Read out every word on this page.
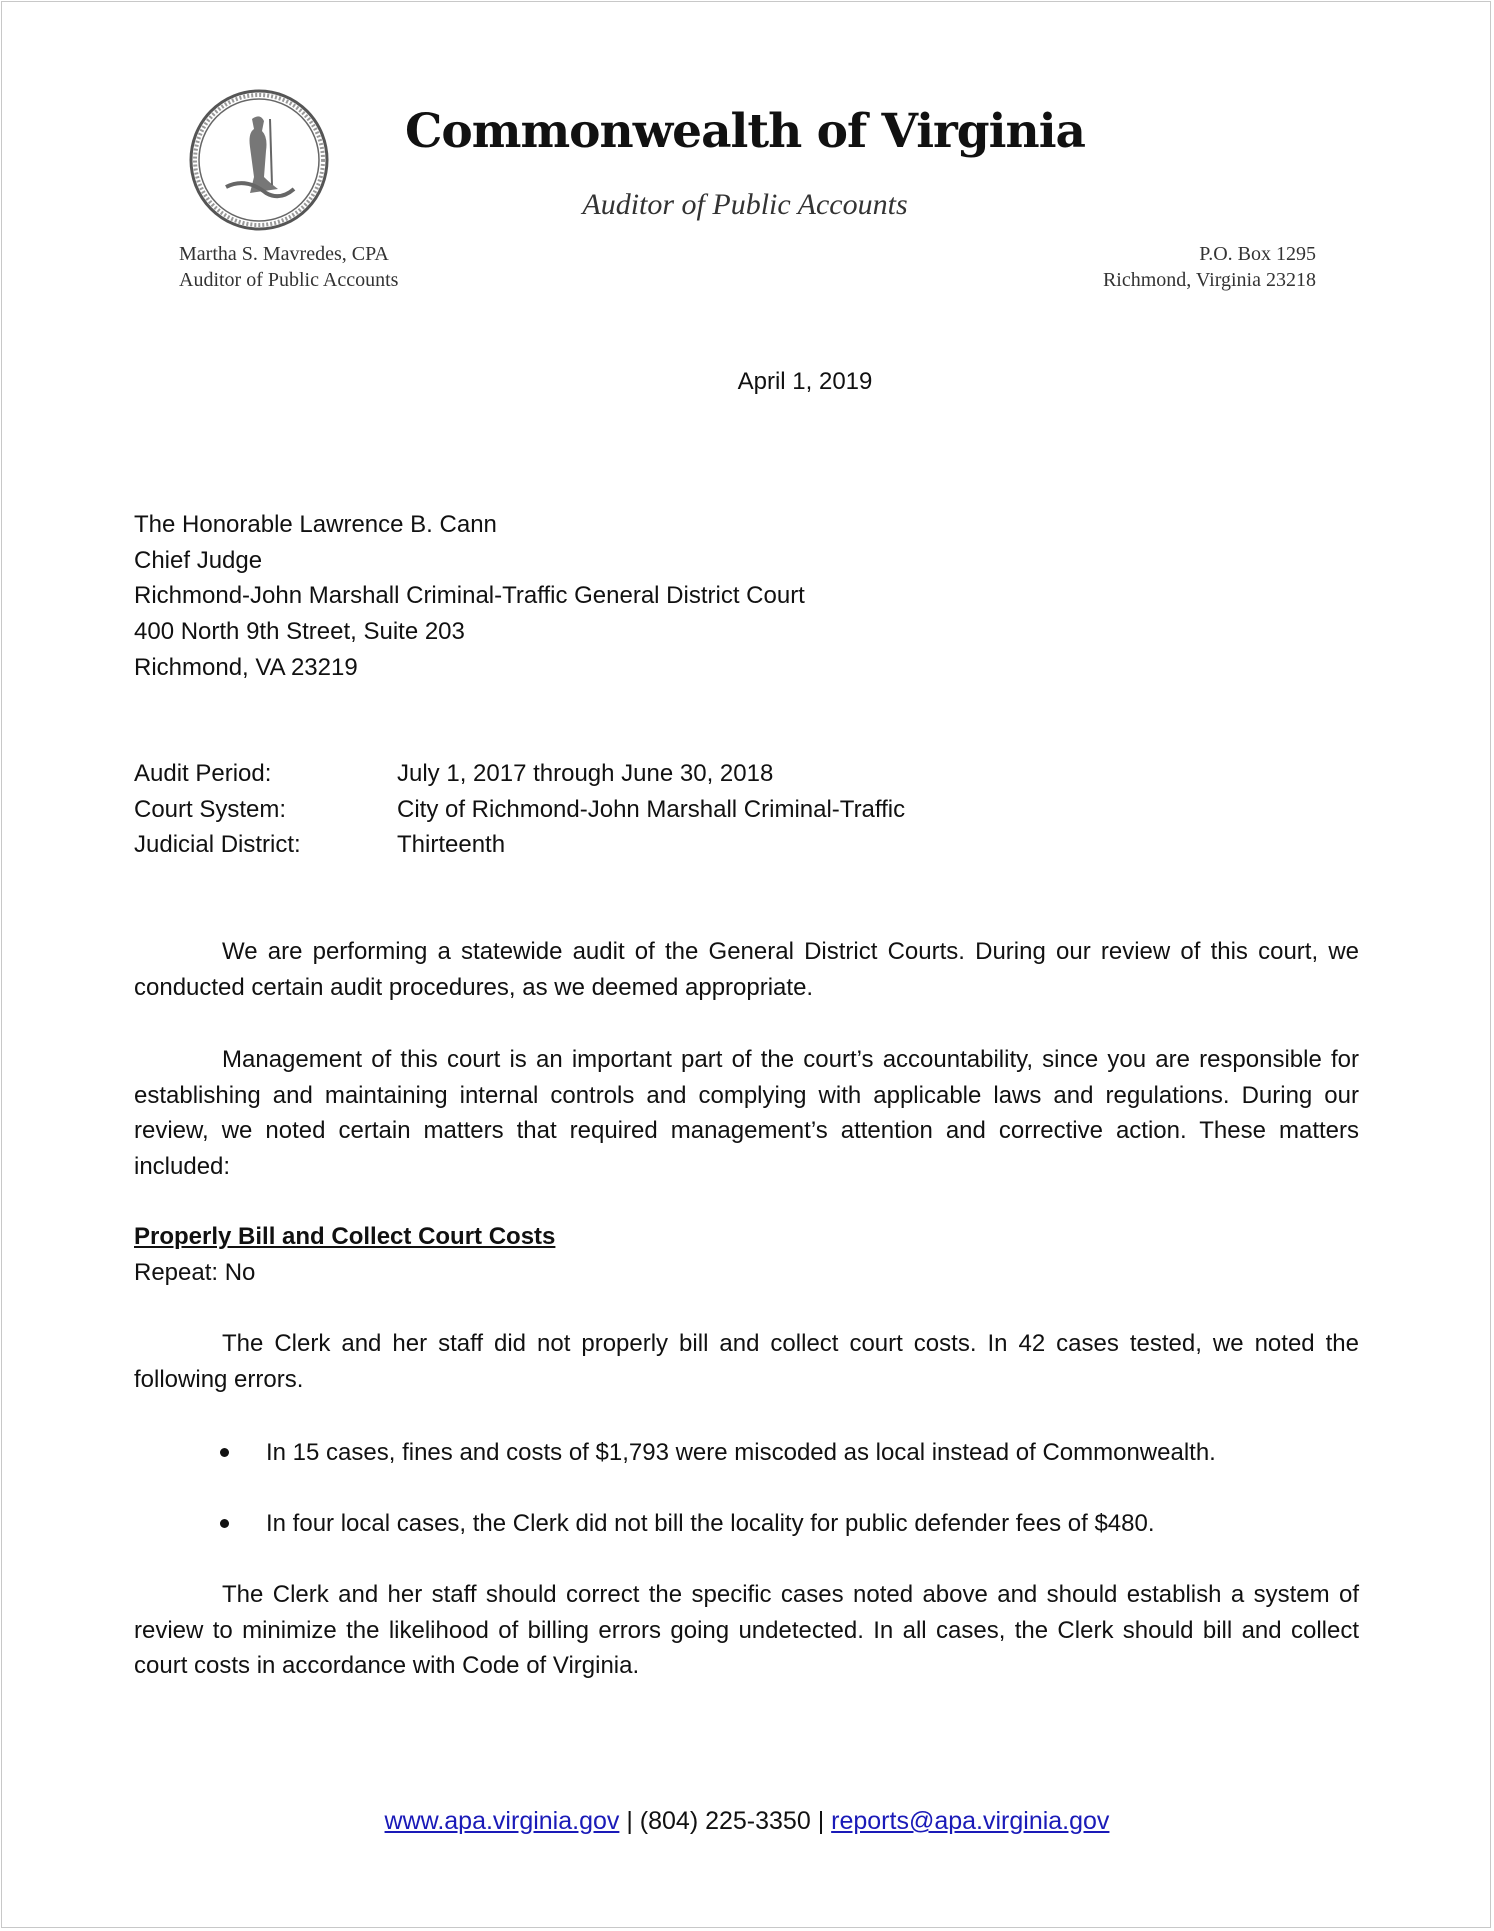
Commonwealth of Virginia
Auditor of Public Accounts
Martha S. Mavredes, CPA
Auditor of Public Accounts
P.O. Box 1295
Richmond, Virginia 23218
April 1, 2019
The Honorable Lawrence B. Cann
Chief Judge
Richmond-John Marshall Criminal-Traffic General District Court
400 North 9th Street, Suite 203
Richmond, VA 23219
Audit Period:	July 1, 2017 through June 30, 2018
Court System:	City of Richmond-John Marshall Criminal-Traffic
Judicial District:	Thirteenth

We are performing a statewide audit of the General District Courts. During our review of this court, we conducted certain audit procedures, as we deemed appropriate.

Management of this court is an important part of the court’s accountability, since you are responsible for establishing and maintaining internal controls and complying with applicable laws and regulations. During our review, we noted certain matters that required management’s attention and corrective action. These matters included:

Properly Bill and Collect Court Costs
Repeat: No

The Clerk and her staff did not properly bill and collect court costs. In 42 cases tested, we noted the following errors.

In 15 cases, fines and costs of $1,793 were miscoded as local instead of Commonwealth.
In four local cases, the Clerk did not bill the locality for public defender fees of $480.

The Clerk and her staff should correct the specific cases noted above and should establish a system of review to minimize the likelihood of billing errors going undetected. In all cases, the Clerk should bill and collect court costs in accordance with Code of Virginia.

www.apa.virginia.gov | (804) 225-3350 | reports@apa.virginia.gov
